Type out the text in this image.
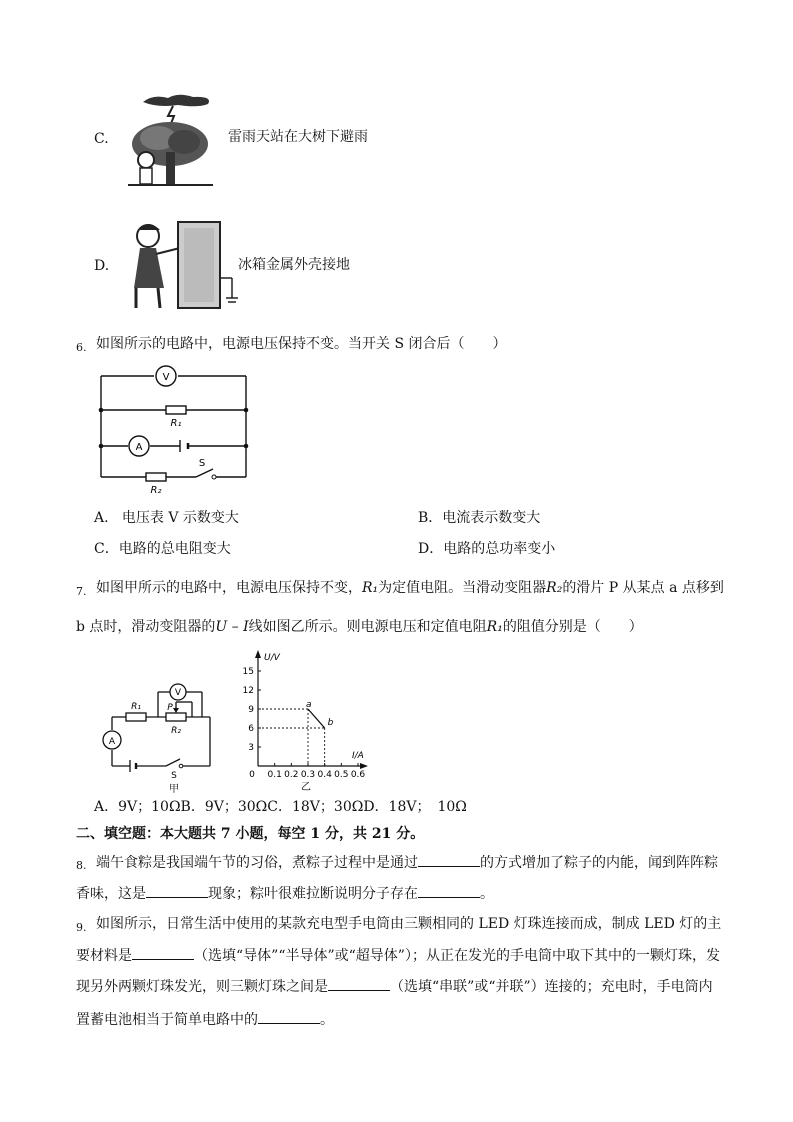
C.	雷雨天站在大树下避雨
D.	冰箱金属外壳接地
6. 如图所示的电路中，电源电压保持不变。当开关 S 闭合后（　　）
V
R₁
A
R₂
S
A. 电压表 V 示数变大	B．电流表示数变大
C．电路的总电阻变大	D．电路的总功率变小
7. 如图甲所示的电路中，电源电压保持不变，R₁为定值电阻。当滑动变阻器R₂的滑片 P 从某点 a 点移到
b 点时，滑动变阻器的U – I线如图乙所示。则电源电压和定值电阻R₁的阻值分别是（　　）
R₁
R₂
P
V
A
S
甲
U/V
I/A
15
12
9
6
3
0 0.1 0.2 0.3 0.4 0.5 0.6
a
b
乙
A．9V；10ΩB．9V；30ΩC．18V；30ΩD．18V；　10Ω
二、填空题：本大题共 7 小题，每空 1 分，共 21 分。
8. 端午食粽是我国端午节的习俗，煮粽子过程中是通过	的方式增加了粽子的内能，闻到阵阵粽
香味，这是	现象；粽叶很难拉断说明分子存在	。
9. 如图所示，日常生活中使用的某款充电型手电筒由三颗相同的 LED 灯珠连接而成，制成 LED 灯的主
要材料是	（选填“导体”“半导体”或“超导体”）；从正在发光的手电筒中取下其中的一颗灯珠，发
现另外两颗灯珠发光，则三颗灯珠之间是	（选填“串联”或“并联”）连接的；充电时，手电筒内
置蓄电池相当于简单电路中的	。
